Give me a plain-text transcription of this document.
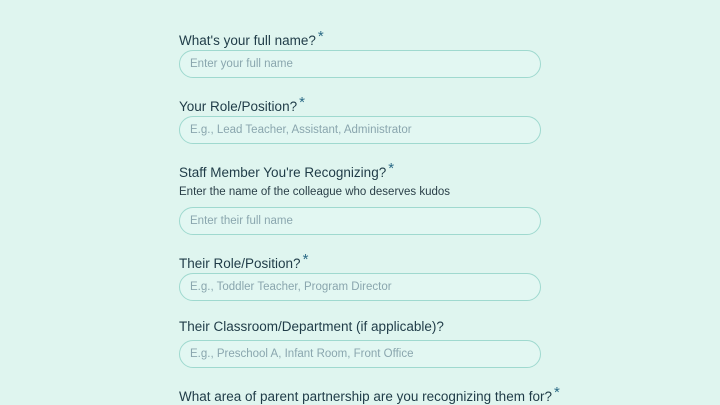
What's your full name? *
Enter your full name
Your Role/Position? *
E.g., Lead Teacher, Assistant, Administrator
Staff Member You're Recognizing? *
Enter the name of the colleague who deserves kudos
Enter their full name
Their Role/Position? *
E.g., Toddler Teacher, Program Director
Their Classroom/Department (if applicable)?
E.g., Preschool A, Infant Room, Front Office
What area of parent partnership are you recognizing them for? *
